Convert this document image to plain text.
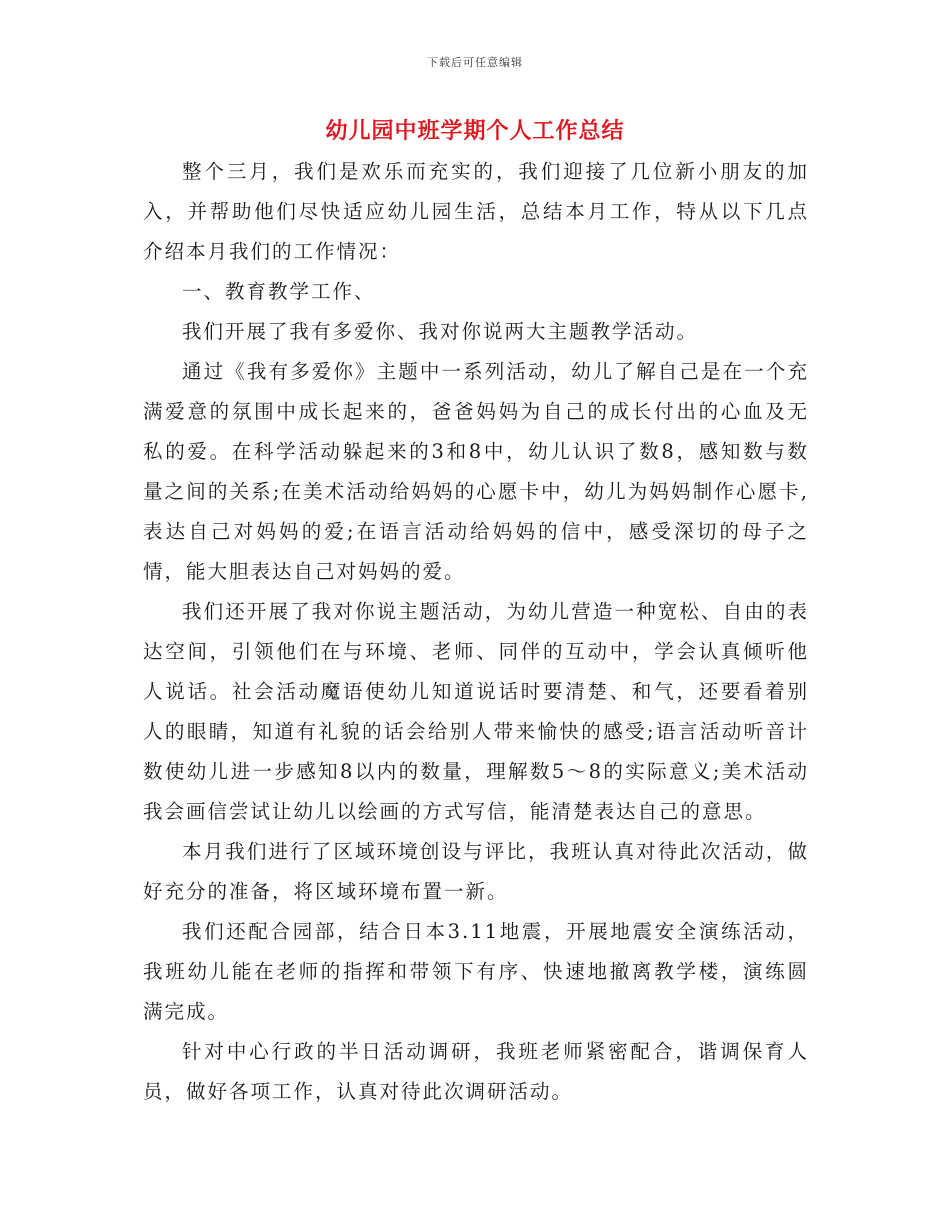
下载后可任意编辑
幼儿园中班学期个人工作总结

整个三月，我们是欢乐而充实的，我们迎接了几位新小朋友的加入，并帮助他们尽快适应幼儿园生活，总结本月工作，特从以下几点介绍本月我们的工作情况：

一、教育教学工作、

我们开展了我有多爱你、我对你说两大主题教学活动。

通过《我有多爱你》主题中一系列活动，幼儿了解自己是在一个充满爱意的氛围中成长起来的，爸爸妈妈为自己的成长付出的心血及无私的爱。在科学活动躲起来的3和8中，幼儿认识了数8，感知数与数量之间的关系;在美术活动给妈妈的心愿卡中，幼儿为妈妈制作心愿卡,表达自己对妈妈的爱;在语言活动给妈妈的信中，感受深切的母子之情，能大胆表达自己对妈妈的爱。

我们还开展了我对你说主题活动，为幼儿营造一种宽松、自由的表达空间，引领他们在与环境、老师、同伴的互动中，学会认真倾听他人说话。社会活动魔语使幼儿知道说话时要清楚、和气，还要看着别人的眼睛，知道有礼貌的话会给别人带来愉快的感受;语言活动听音计数使幼儿进一步感知8以内的数量，理解数5～8的实际意义;美术活动我会画信尝试让幼儿以绘画的方式写信，能清楚表达自己的意思。

本月我们进行了区域环境创设与评比，我班认真对待此次活动，做好充分的准备，将区域环境布置一新。

我们还配合园部，结合日本3.11地震，开展地震安全演练活动，我班幼儿能在老师的指挥和带领下有序、快速地撤离教学楼，演练圆满完成。

针对中心行政的半日活动调研，我班老师紧密配合，谐调保育人员，做好各项工作，认真对待此次调研活动。
